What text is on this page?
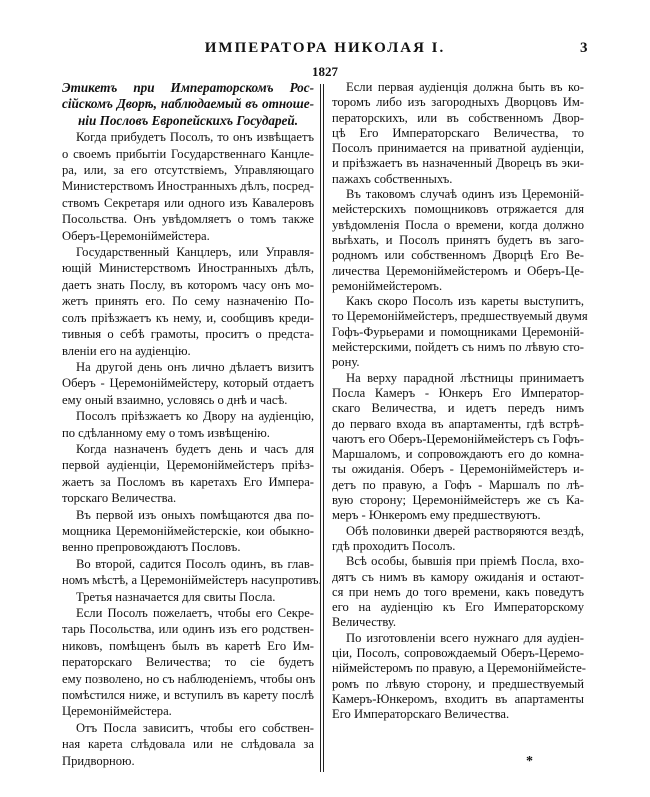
ИМПЕРАТОРА НИКОЛАЯ I.	3
1827
Этикетъ при Императорскомъ Рос-
сійскомъ Дворѣ, наблюдаемый въ отноше-
ніи Пословъ Европейскихъ Государей.
Когда прибудетъ Посолъ, то онъ извѣщаетъ
о своемъ прибытіи Государственнаго Канцле-
ра, или, за его отсутствіемъ, Управляющаго
Министерствомъ Иностранныхъ дѣлъ, посред-
ствомъ Секретаря или одного изъ Кавалеровъ
Посольства. Онъ увѣдомляетъ о томъ также
Оберъ-Церемоніймейстера.
Государственный Канцлеръ, или Управля-
ющій Министерствомъ Иностранныхъ дѣлъ,
даетъ знать Послу, въ которомъ часу онъ мо-
жетъ принять его. По сему назначенію По-
солъ пріѣзжаетъ къ нему, и, сообщивъ креди-
тивныя о себѣ грамоты, проситъ о предста-
вленіи его на аудіенцію.
На другой день онъ лично дѣлаетъ визитъ
Оберъ - Церемоніймейстеру, который отдаетъ
ему оный взаимно, условясь о днѣ и часѣ.
Посолъ пріѣзжаетъ ко Двору на аудіенцію,
по сдѣланному ему о томъ извѣщенію.
Когда назначенъ будетъ день и часъ для
первой аудіенціи, Церемоніймейстеръ пріѣз-
жаетъ за Посломъ въ каретахъ Его Импера-
торскаго Величества.
Въ первой изъ оныхъ помѣщаются два по-
мощника Церемоніймейстерскіе, кои обыкно-
венно препровождаютъ Пословъ.
Во второй, садится Посолъ одинъ, въ глав-
номъ мѣстѣ, а Церемоніймейстеръ насупротивъ.
Третья назначается для свиты Посла.
Если Посолъ пожелаетъ, чтобы его Секре-
тарь Посольства, или одинъ изъ его родствен-
никовъ, помѣщенъ былъ въ каретѣ Его Им-
ператорскаго Величества; то сіе будетъ
ему позволено, но съ наблюденіемъ, чтобы онъ
помѣстился ниже, и вступилъ въ карету послѣ
Церемоніймейстера.
Отъ Посла зависитъ, чтобы его собствен-
ная карета слѣдовала или не слѣдовала за
Придворною.
Если первая аудіенція должна быть въ ко-
торомъ либо изъ загородныхъ Дворцовъ Им-
ператорскихъ, или въ собственномъ Двор-
цѣ Его Императорскаго Величества, то
Посолъ принимается на приватной аудіенціи,
и пріѣзжаетъ въ назначенный Дворецъ въ эки-
пажахъ собственныхъ.
Въ таковомъ случаѣ одинъ изъ Церемоній-
мейстерскихъ помощниковъ отряжается для
увѣдомленія Посла о времени, когда должно
выѣхать, и Посолъ принятъ будетъ въ заго-
родномъ или собственномъ Дворцѣ Его Ве-
личества Церемоніймейстеромъ и Оберъ-Це-
ремоніймейстеромъ.
Какъ скоро Посолъ изъ кареты выступитъ,
то Церемоніймейстеръ, предшествуемый двумя
Гофъ-Фурьерами и помощниками Церемоній-
мейстерскими, пойдетъ съ нимъ по лѣвую сто-
рону.
На верху парадной лѣстницы принимаетъ
Посла Камеръ - Юнкеръ Его Император-
скаго Величества, и идетъ передъ нимъ
до перваго входа въ апартаменты, гдѣ встрѣ-
чаютъ его Оберъ-Церемоніймейстеръ съ Гофъ-
Маршаломъ, и сопровождаютъ его до комна-
ты ожиданія. Оберъ - Церемоніймейстеръ и-
детъ по правую, а Гофъ - Маршалъ по лѣ-
вую сторону; Церемоніймейстеръ же съ Ка-
меръ - Юнкеромъ ему предшествуютъ.
Обѣ половинки дверей растворяются вездѣ,
гдѣ проходитъ Посолъ.
Всѣ особы, бывшія при пріемѣ Посла, вхо-
дятъ съ нимъ въ камору ожиданія и остают-
ся при немъ до того времени, какъ поведутъ
его на аудіенцію къ Его Императорскому
Величеству.
По изготовленіи всего нужнаго для аудіен-
ціи, Посолъ, сопровождаемый Оберъ-Церемо-
ніймейстеромъ по правую, а Церемоніймейсте-
ромъ по лѣвую сторону, и предшествуемый
Камеръ-Юнкеромъ, входитъ въ апартаменты
Его Императорскаго Величества.
*
